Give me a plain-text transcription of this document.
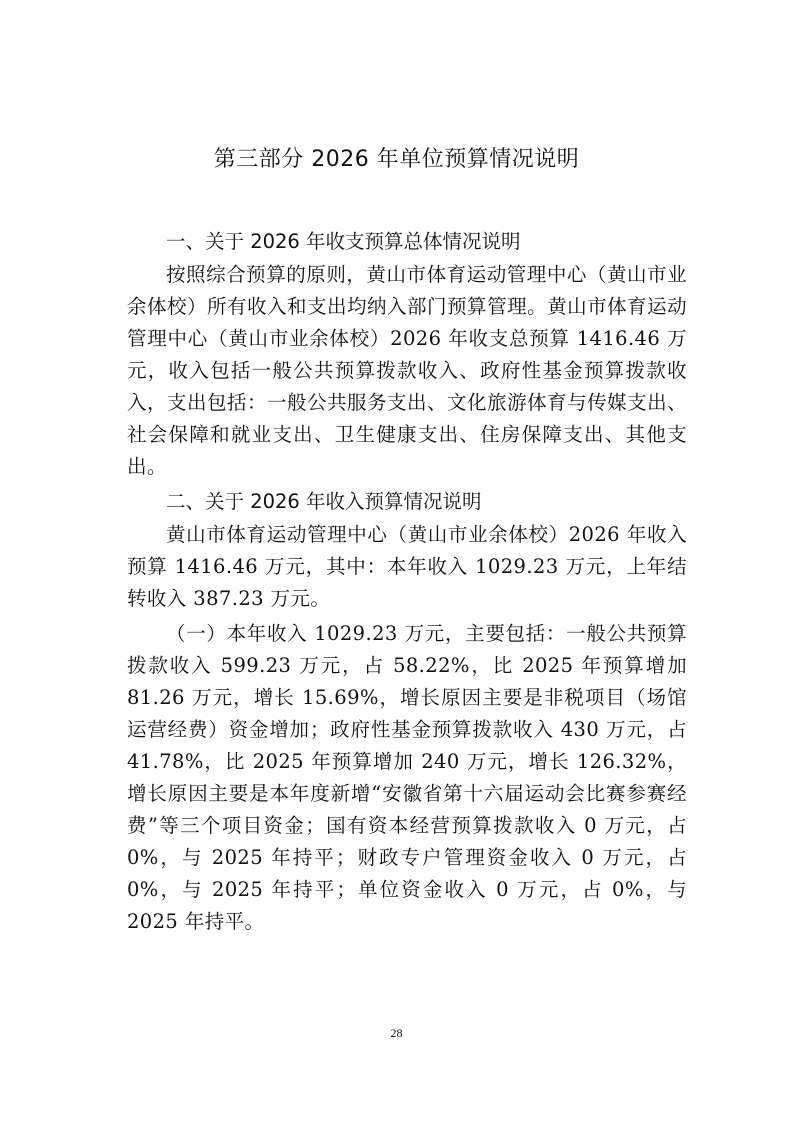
第三部分 2026 年单位预算情况说明
一、关于 2026 年收支预算总体情况说明

按照综合预算的原则，黄山市体育运动管理中心（黄山市业余体校）所有收入和支出均纳入部门预算管理。黄山市体育运动管理中心（黄山市业余体校）2026 年收支总预算 1416.46 万元，收入包括一般公共预算拨款收入、政府性基金预算拨款收入，支出包括：一般公共服务支出、文化旅游体育与传媒支出、社会保障和就业支出、卫生健康支出、住房保障支出、其他支出。

二、关于 2026 年收入预算情况说明

黄山市体育运动管理中心（黄山市业余体校）2026 年收入预算 1416.46 万元，其中：本年收入 1029.23 万元，上年结转收入 387.23 万元。

（一）本年收入 1029.23 万元，主要包括：一般公共预算拨款收入 599.23 万元，占 58.22%，比 2025 年预算增加 81.26 万元，增长 15.69%，增长原因主要是非税项目（场馆运营经费）资金增加；政府性基金预算拨款收入 430 万元，占 41.78%，比 2025 年预算增加 240 万元，增长 126.32%，增长原因主要是本年度新增“安徽省第十六届运动会比赛参赛经费”等三个项目资金；国有资本经营预算拨款收入 0 万元，占 0%，与 2025 年持平；财政专户管理资金收入 0 万元，占 0%，与 2025 年持平；单位资金收入 0 万元，占 0%，与 2025 年持平。

28
